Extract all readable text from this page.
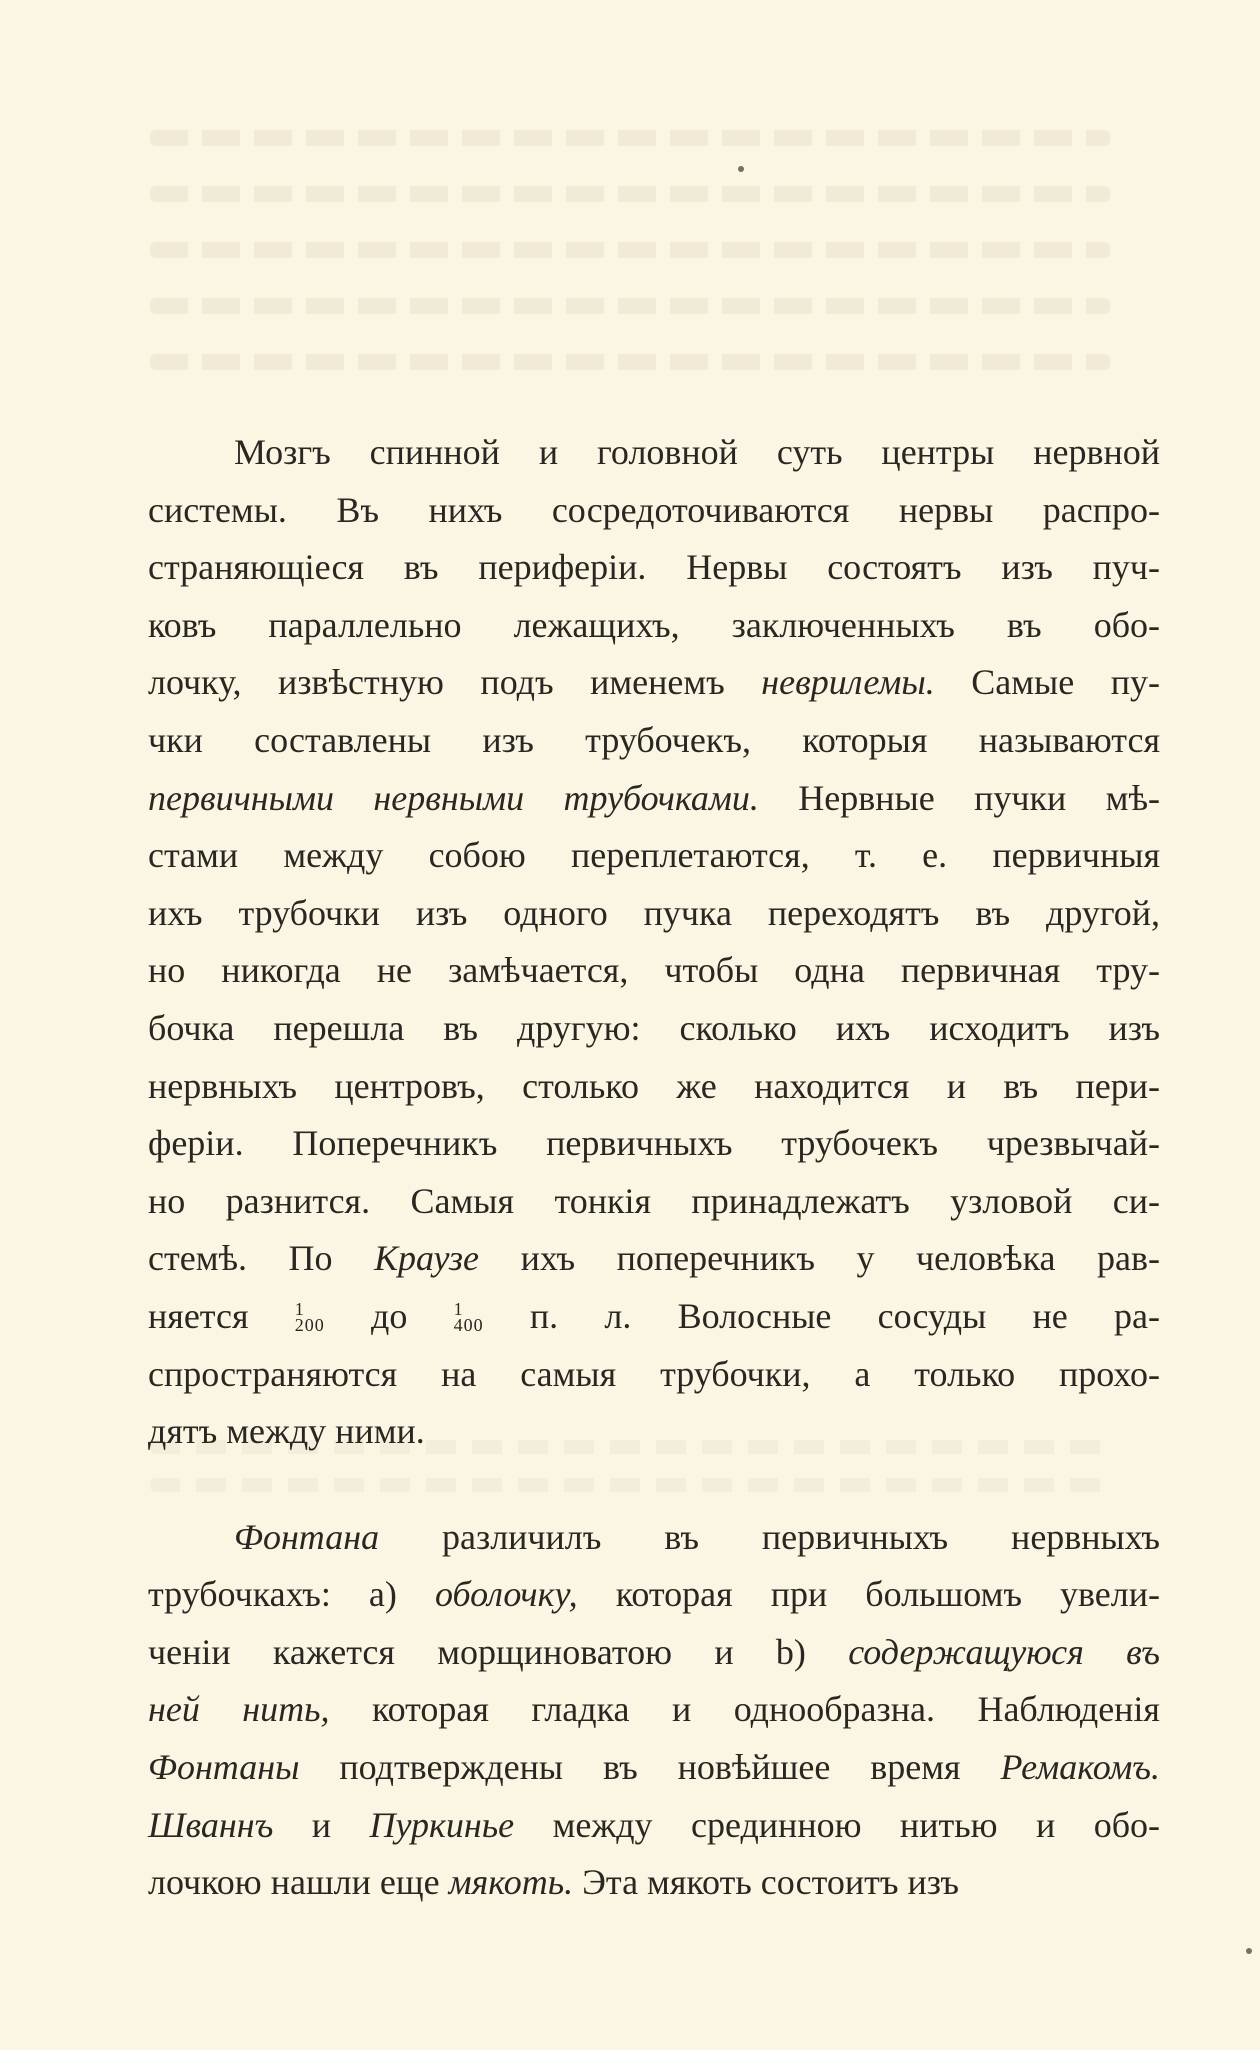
Мозгъ спинной и головной суть центры нервной
системы. Въ нихъ сосредоточиваются нервы распро-
страняющіеся въ периферіи. Нервы состоятъ изъ пуч-
ковъ параллельно лежащихъ, заключенныхъ въ обо-
лочку, извѣстную подъ именемъ неврилемы. Самые пу-
чки составлены изъ трубочекъ, которыя называются
первичными нервными трубочками. Нервные пучки мѣ-
стами между собою переплетаются, т. е. первичныя
ихъ трубочки изъ одного пучка переходятъ въ другой,
но никогда не замѣчается, чтобы одна первичная тру-
бочка перешла въ другую: сколько ихъ исходитъ изъ
нервныхъ центровъ, столько же находится и въ пери-
феріи. Поперечникъ первичныхъ трубочекъ чрезвычай-
но разнится. Самыя тонкія принадлежатъ узловой си-
стемѣ. По Краузе ихъ поперечникъ у человѣка рав-
няется 1
200 до 1
400 п. л. Волосные сосуды не ра-
спространяются на самыя трубочки, а только прохо-
дятъ между ними.

Фонтана различилъ въ первичныхъ нервныхъ
трубочкахъ: a) оболочку, которая при большомъ увели-
ченіи кажется морщиноватою и b) содержащуюся въ
ней нить, которая гладка и однообразна. Наблюденія
Фонтаны подтверждены въ новѣйшее время Ремакомъ.
Шваннъ и Пуркинье между срединною нитью и обо-
лочкою нашли еще мякоть. Эта мякоть состоитъ изъ
